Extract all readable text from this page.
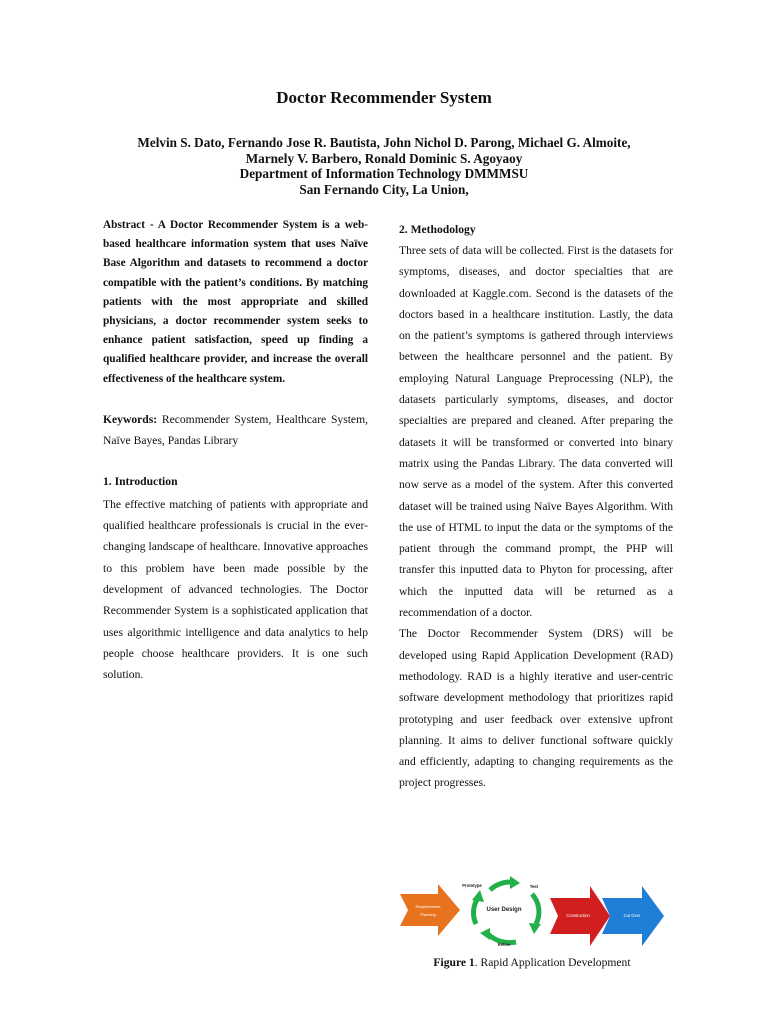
Doctor Recommender System
Melvin S. Dato, Fernando Jose R. Bautista, John Nichol D. Parong, Michael G. Almoite,
Marnely V. Barbero, Ronald Dominic S. Agoyaoy
Department of Information Technology DMMMSU
San Fernando City, La Union,

Abstract - A Doctor Recommender System is a web-based healthcare information system that uses Naïve Base Algorithm and datasets to recommend a doctor compatible with the patient’s conditions. By matching patients with the most appropriate and skilled physicians, a doctor recommender system seeks to enhance patient satisfaction, speed up finding a qualified healthcare provider, and increase the overall effectiveness of the healthcare system.

Keywords: Recommender System, Healthcare System, Naïve Bayes, Pandas Library

1. Introduction

The effective matching of patients with appropriate and qualified healthcare professionals is crucial in the ever-changing landscape of healthcare. Innovative approaches to this problem have been made possible by the development of advanced technologies. The Doctor Recommender System is a sophisticated application that uses algorithmic intelligence and data analytics to help people choose healthcare providers. It is one such solution.

2. Methodology

Three sets of data will be collected. First is the datasets for symptoms, diseases, and doctor specialties that are downloaded at Kaggle.com. Second is the datasets of the doctors based in a healthcare institution. Lastly, the data on the patient’s symptoms is gathered through interviews between the healthcare personnel and the patient. By employing Natural Language Preprocessing (NLP), the datasets particularly symptoms, diseases, and doctor specialties are prepared and cleaned. After preparing the datasets it will be transformed or converted into binary matrix using the Pandas Library. The data converted will now serve as a model of the system. After this converted dataset will be trained using Naïve Bayes Algorithm. With the use of HTML to input the data or the symptoms of the patient through the command prompt, the PHP will transfer this inputted data to Phyton for processing, after which the inputted data will be returned as a recommendation of a doctor.

The Doctor Recommender System (DRS) will be developed using Rapid Application Development (RAD) methodology. RAD is a highly iterative and user-centric software development methodology that prioritizes rapid prototyping and user feedback over extensive upfront planning. It aims to deliver functional software quickly and efficiently, adapting to changing requirements as the project progresses.

Requirements
Planning
Prototype	Test
User Design
Refine
Construction	Cut Over
Figure 1. Rapid Application Development
